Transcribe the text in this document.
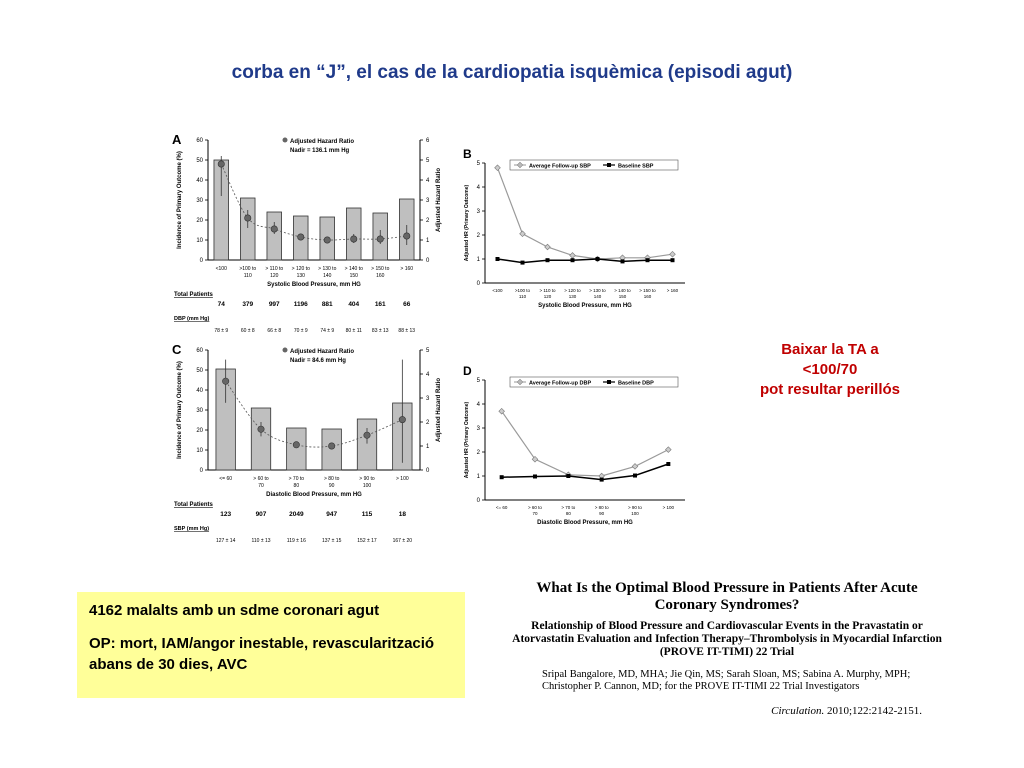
corba en “J”, el cas de la cardiopatia isquèmica (episodi agut)
A
0
10
20
30
40
50
60
0
1
2
3
4
5
6
Incidence of Primary Outcome (%)	Adjusted Hazard Ratio
Adjusted Hazard Ratio
Nadir = 136.1 mm Hg
<100 >100 to
110
> 110 to
120
> 120 to
130
> 130 to
140
> 140 to
150
> 150 to
160
> 160
Systolic Blood Pressure, mm HG
Total Patients
74	379 997 1196 881 404 161	66
DBP (mm Hg)
78 ± 9	60 ± 8	66 ± 8	70 ± 9	74 ± 9 80 ± 11 83 ± 13 88 ± 13
B
0
1
2
3
4
5
Adjusted HR (Primary Outcome)
<100	>100 to
110
> 110 to
120
> 120 to
130
> 130 to
140
> 140 to
150
> 150 to
160
> 160
Systolic Blood Pressure, mm HG
Average Follow-up SBP	Baseline SBP
C
0
10
20
30
40
50
60
0
1
2
3
4
5
Incidence of Primary Outcome (%)	Adjusted Hazard Ratio
Adjusted Hazard Ratio
Nadir = 84.6 mm Hg
<= 60	> 60 to
70
> 70 to
80
> 80 to
90
> 90 to
100
> 100
Diastolic Blood Pressure, mm HG
Total Patients
123	907	2049	947	115	18
SBP (mm Hg)
127 ± 14	110 ± 13	119 ± 16	137 ± 15	152 ± 17	167 ± 20
D
0
1
2
3
4
5
Adjusted HR (Primary Outcome)
<= 60	> 60 to
70
> 70 to
80
> 80 to
90
> 90 to
100
> 100
Diastolic Blood Pressure, mm HG
Average Follow-up DBP	Baseline DBP
Baixar la TA a
<100/70
pot resultar perillós

4162 malalts amb un sdme coronari agut

OP: mort, IAM/angor inestable, revascularització abans de 30 dies, AVC

What Is the Optimal Blood Pressure in Patients After Acute Coronary Syndromes?
Relationship of Blood Pressure and Cardiovascular Events in the Pravastatin or Atorvastatin Evaluation and Infection Therapy–Thrombolysis in Myocardial Infarction (PROVE IT-TIMI) 22 Trial
Sripal Bangalore, MD, MHA; Jie Qin, MS; Sarah Sloan, MS; Sabina A. Murphy, MPH; Christopher P. Cannon, MD; for the PROVE IT-TIMI 22 Trial Investigators
Circulation. 2010;122:2142-2151.
